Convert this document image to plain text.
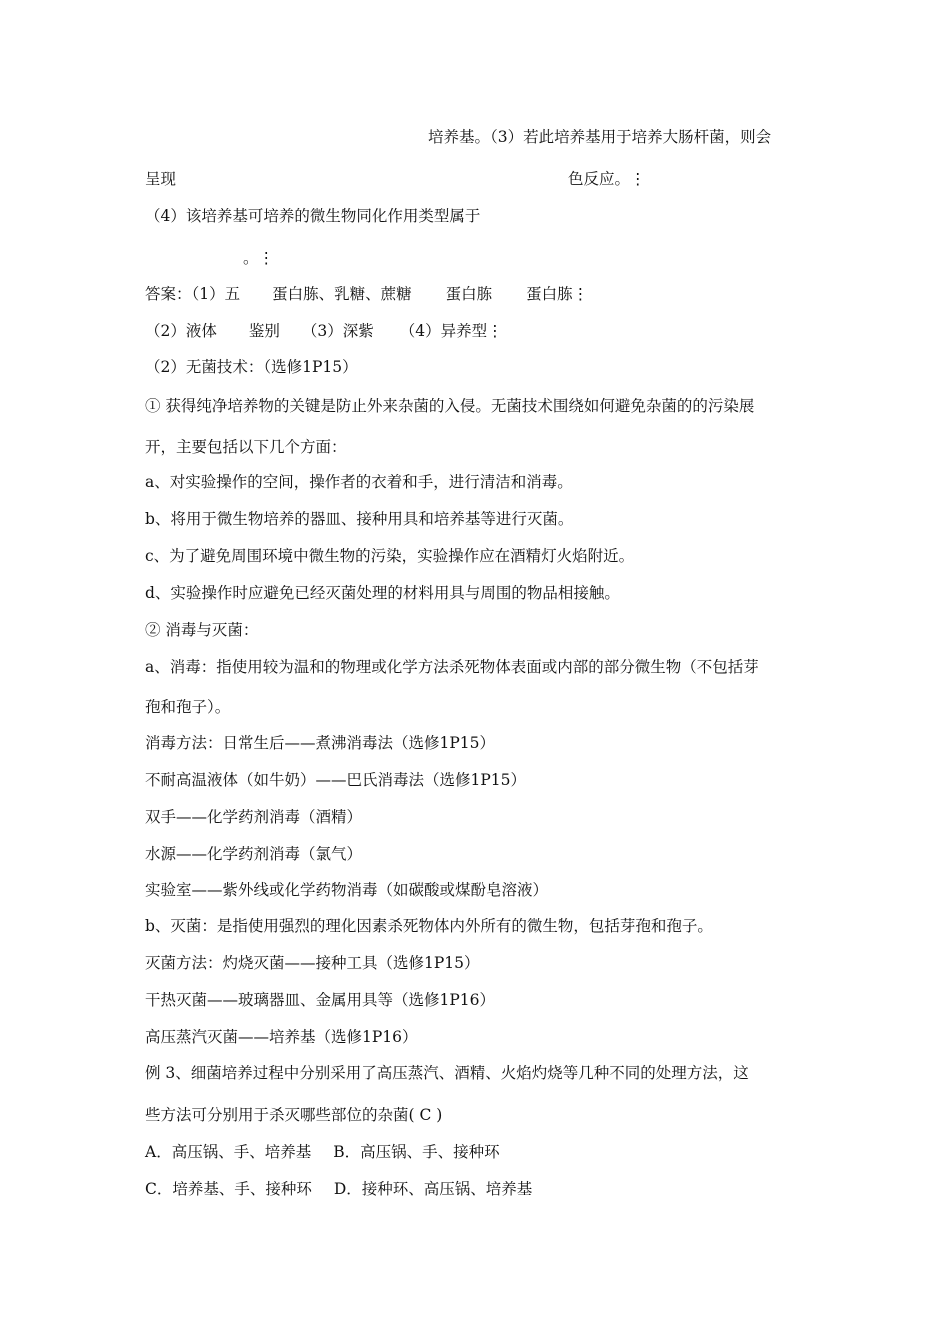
培养基。（3）若此培养基用于培养大肠杆菌，则会
呈现	色反应。⋮
（4）该培养基可培养的微生物同化作用类型属于
。⋮
答案：（1）五 蛋白胨、乳糖、蔗糖 蛋白胨 蛋白胨⋮
（2）液体 鉴别 （3）深紫 （4）异养型⋮
（2）无菌技术：（选修1P15）
① 获得纯净培养物的关键是防止外来杂菌的入侵。无菌技术围绕如何避免杂菌的的污染展
开，主要包括以下几个方面：
a、对实验操作的空间，操作者的衣着和手，进行清洁和消毒。
b、将用于微生物培养的器皿、接种用具和培养基等进行灭菌。
c、为了避免周围环境中微生物的污染，实验操作应在酒精灯火焰附近。
d、实验操作时应避免已经灭菌处理的材料用具与周围的物品相接触。
② 消毒与灭菌：
a、消毒：指使用较为温和的物理或化学方法杀死物体表面或内部的部分微生物（不包括芽
孢和孢子）。
消毒方法：日常生后——煮沸消毒法（选修1P15）
不耐高温液体（如牛奶）——巴氏消毒法（选修1P15）
双手——化学药剂消毒（酒精）
水源——化学药剂消毒（氯气）
实验室——紫外线或化学药物消毒（如碳酸或煤酚皂溶液）
b、灭菌：是指使用强烈的理化因素杀死物体内外所有的微生物，包括芽孢和孢子。
灭菌方法：灼烧灭菌——接种工具（选修1P15）
干热灭菌——玻璃器皿、金属用具等（选修1P16）
高压蒸汽灭菌——培养基（选修1P16）
例 3、细菌培养过程中分别采用了高压蒸汽、酒精、火焰灼烧等几种不同的处理方法，这
些方法可分别用于杀灭哪些部位的杂菌( C )
A．高压锅、手、培养基 B．高压锅、手、接种环
C．培养基、手、接种环 D．接种环、高压锅、培养基
